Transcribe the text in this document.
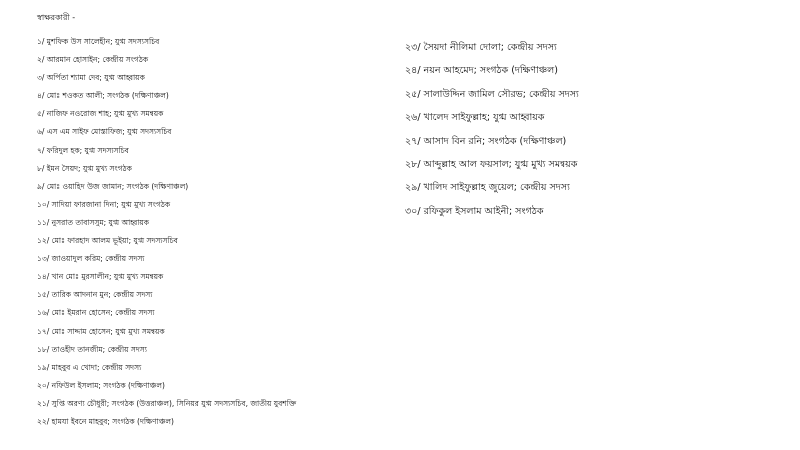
স্বাক্ষরকারী -
১/ মুশফিক উস সালেহীন; যুগ্ম সদস্যসচিব
২/ আরমান হোসাইন; কেন্দ্রীয় সংগঠক
৩/ অর্পিতা শ্যামা দেব; যুগ্ম আহ্বায়ক
৪/ মোঃ শওকত আলী; সংগঠক (দক্ষিণাঞ্চল)
৫/ নাজিফ নওরোজ শাহ; যুগ্ম মুখ্য সমন্বয়ক
৬/ এস এম সাইফ মোস্তাফিজ; যুগ্ম সদস্যসচিব
৭/ ফরিদুল হক; যুগ্ম সদস্যসচিব
৮/ ইমন সৈয়দ; যুগ্ম মুখ্য সংগঠক
৯/ মোঃ ওয়াহিদ উজ জামান; সংগঠক (দক্ষিণাঞ্চল)
১০/ সাদিয়া ফারজানা দিনা; যুগ্ম মুখ্য সংগঠক
১১/ নুসরাত তাবাসসুম; যুগ্ম আহ্বায়ক
১২/ মোঃ ফারহাদ আলম ভূইয়া; যুগ্ম সদস্যসচিব
১৩/ জাওয়াদুল করিম; কেন্দ্রীয় সদস্য
১৪/ খান মোঃ মুরসালীন; যুগ্ম মুখ্য সমন্বয়ক
১৫/ তারিক আদনান মুন; কেন্দ্রীয় সদস্য
১৬/ মোঃ ইমরান হোসেন; কেন্দ্রীয় সদস্য
১৭/ মোঃ সাদ্দাম হোসেন; যুগ্ম মুখ্য সমন্বয়ক
১৮/ তাওহীদ তানজীম; কেন্দ্রীয় সদস্য
১৯/ মাহবুব এ খোদা; কেন্দ্রীয় সদস্য
২০/ নফিউল ইসলাম; সংগঠক (দক্ষিণাঞ্চল)
২১/ সুপ্তি অরণ্য চৌধুরী; সংগঠক (উত্তরাঞ্চল), সিনিয়র যুগ্ম সদস্যসচিব, জাতীয় যুবশক্তি
২২/ হামযা ইবনে মাহবুব; সংগঠক (দক্ষিণাঞ্চল)
২৩/ সৈয়দা নীলিমা দোলা; কেন্দ্রীয় সদস্য
২৪/ নয়ন আহমেদ; সংগঠক (দক্ষিণাঞ্চল)
২৫/ সালাউদ্দিন জামিল সৌরভ; কেন্দ্রীয় সদস্য
২৬/ খালেদ সাইফুল্লাহ; যুগ্ম আহ্বায়ক
২৭/ আসাদ বিন রনি; সংগঠক (দক্ষিণাঞ্চল)
২৮/ আব্দুল্লাহ আল ফয়সাল; যুগ্ম মুখ্য সমন্বয়ক
২৯/ খালিদ সাইফুল্লাহ জুয়েল; কেন্দ্রীয় সদস্য
৩০/ রফিকুল ইসলাম আইনী; সংগঠক
